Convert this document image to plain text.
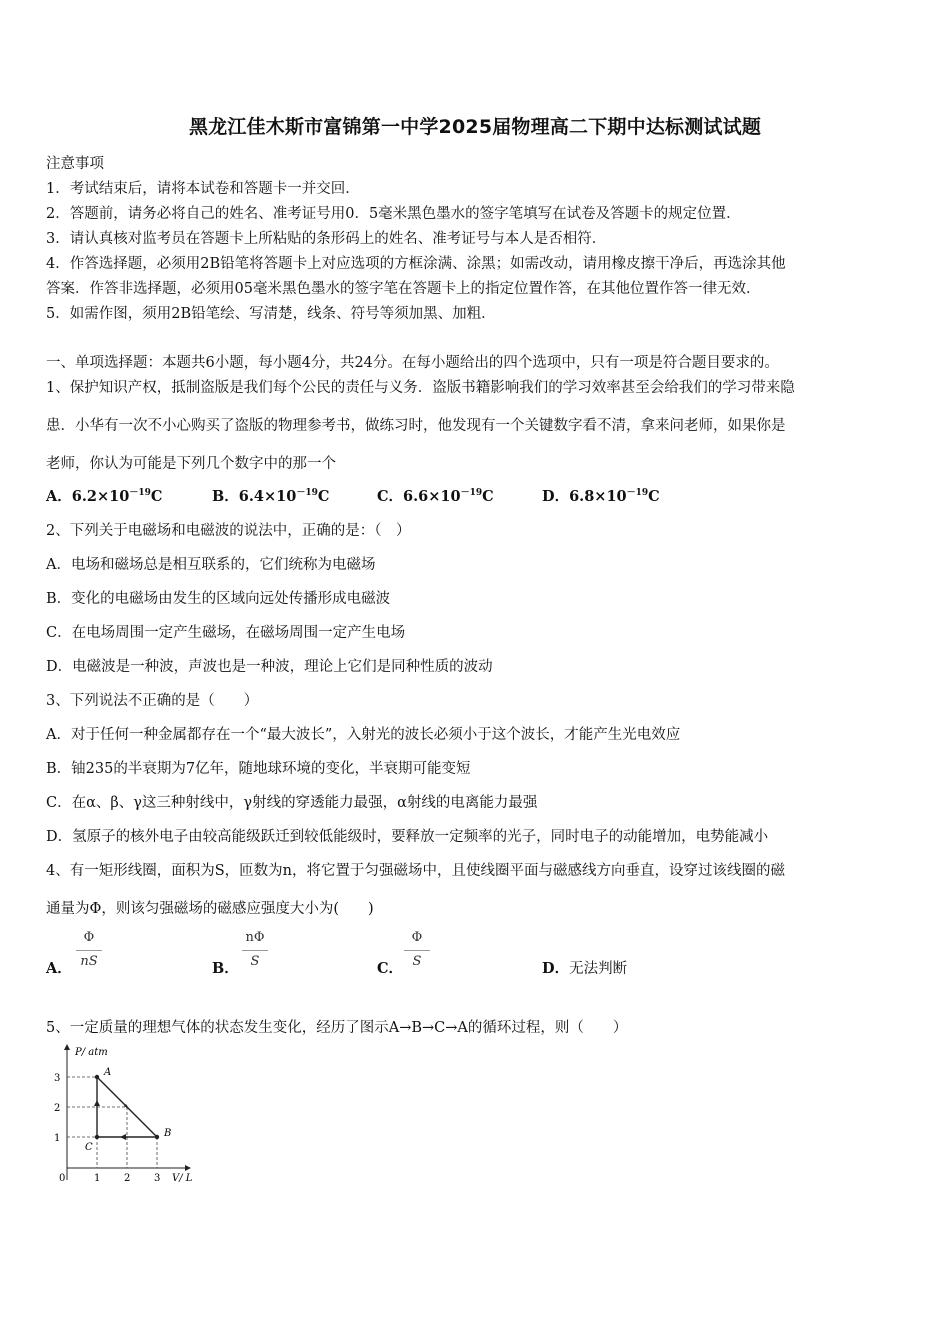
黑龙江佳木斯市富锦第一中学2025届物理高二下期中达标测试试题
注意事项
1．考试结束后，请将本试卷和答题卡一并交回．
2．答题前，请务必将自己的姓名、准考证号用0．5毫米黑色墨水的签字笔填写在试卷及答题卡的规定位置．
3．请认真核对监考员在答题卡上所粘贴的条形码上的姓名、准考证号与本人是否相符．
4．作答选择题，必须用2B铅笔将答题卡上对应选项的方框涂满、涂黑；如需改动，请用橡皮擦干净后，再选涂其他
答案．作答非选择题，必须用05毫米黑色墨水的签字笔在答题卡上的指定位置作答，在其他位置作答一律无效．
5．如需作图，须用2B铅笔绘、写清楚，线条、符号等须加黑、加粗．
一、单项选择题：本题共6小题，每小题4分，共24分。在每小题给出的四个选项中，只有一项是符合题目要求的。
1、保护知识产权，抵制盗版是我们每个公民的责任与义务．盗版书籍影响我们的学习效率甚至会给我们的学习带来隐
患．小华有一次不小心购买了盗版的物理参考书，做练习时，他发现有一个关键数字看不清，拿来问老师，如果你是
老师，你认为可能是下列几个数字中的那一个
A．$6.2\times 10^{-19}C$	B．$6.4\times 10^{-19}C$	C．$6.6\times 10^{-19}C$	D．$6.8\times 10^{-19}C$
2、下列关于电磁场和电磁波的说法中，正确的是：（　）
A．电场和磁场总是相互联系的，它们统称为电磁场
B．变化的电磁场由发生的区域向远处传播形成电磁波
C．在电场周围一定产生磁场，在磁场周围一定产生电场
D．电磁波是一种波，声波也是一种波，理论上它们是同种性质的波动
3、下列说法不正确的是（　　）
A．对于任何一种金属都存在一个“最大波长”，入射光的波长必须小于这个波长，才能产生光电效应
B．铀235的半衰期为7亿年，随地球环境的变化，半衰期可能变短
C．在α、β、γ这三种射线中，γ射线的穿透能力最强，α射线的电离能力最强
D．氢原子的核外电子由较高能级跃迁到较低能级时，要释放一定频率的光子，同时电子的动能增加，电势能减小
4、有一矩形线圈，面积为S，匝数为n，将它置于匀强磁场中，且使线圈平面与磁感线方向垂直，设穿过该线圈的磁
通量为Φ，则该匀强磁场的磁感应强度大小为(　　)
A．
Φ
nS	B．
nΦ
S	C．
Φ
S	D．无法判断
5、一定质量的理想气体的状态发生变化，经历了图示A→B→C→A的循环过程，则（　　）
P/ atm
V/ L
0
1
2
3
1 2 3
A
B
C
